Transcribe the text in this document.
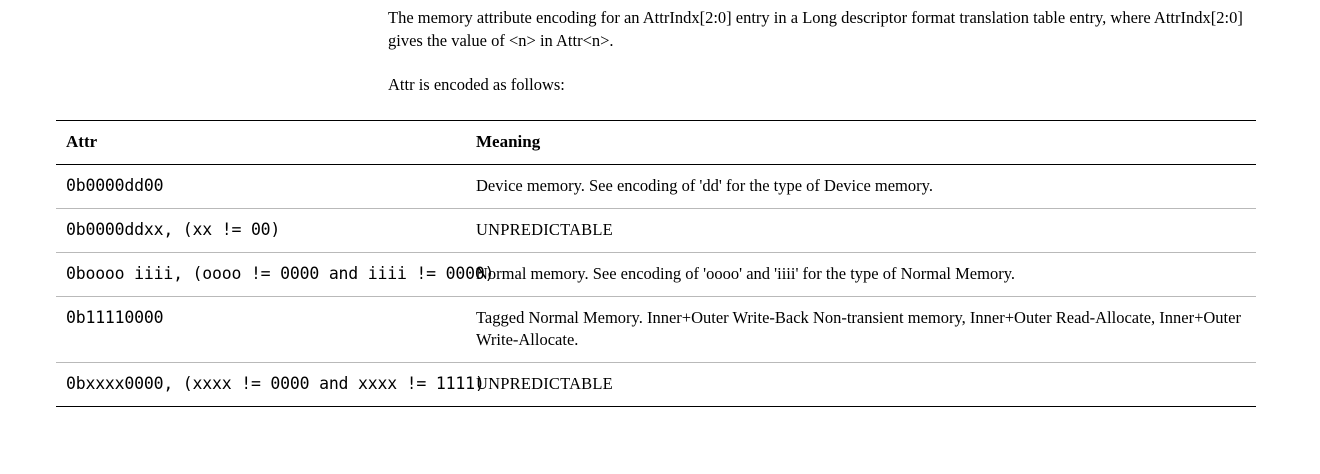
The memory attribute encoding for an AttrIndx[2:0] entry in a Long descriptor format translation table entry, where AttrIndx[2:0] gives the value of <n> in Attr<n>.

Attr is encoded as follows:

Attr	Meaning
0b0000dd00	Device memory. See encoding of 'dd' for the type of Device memory.
0b0000ddxx, (xx != 00)	UNPREDICTABLE
0boooo iiii, (oooo != 0000 and iiii != 0000)	Normal memory. See encoding of 'oooo' and 'iiii' for the type of Normal Memory.
0b11110000	Tagged Normal Memory. Inner+Outer Write-Back Non-transient memory, Inner+Outer Read-Allocate, Inner+Outer Write-Allocate.
0bxxxx0000, (xxxx != 0000 and xxxx != 1111)	UNPREDICTABLE
